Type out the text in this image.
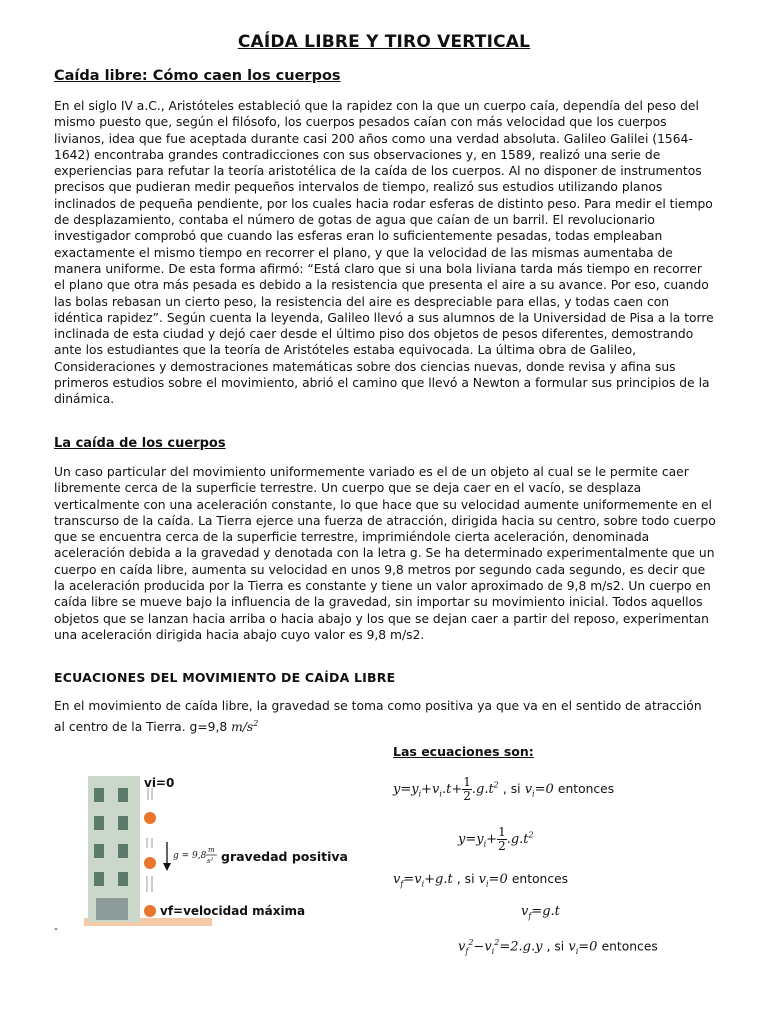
CAÍDA LIBRE Y TIRO VERTICAL
Caída libre: Cómo caen los cuerpos

En el siglo IV a.C., Aristóteles estableció que la rapidez con la que un cuerpo caía, dependía del peso del mismo puesto que, según el filósofo, los cuerpos pesados caían con más velocidad que los cuerpos livianos, idea que fue aceptada durante casi 200 años como una verdad absoluta. Galileo Galilei (1564-1642) encontraba grandes contradicciones con sus observaciones y, en 1589, realizó una serie de experiencias para refutar la teoría aristotélica de la caída de los cuerpos. Al no disponer de instrumentos precisos que pudieran medir pequeños intervalos de tiempo, realizó sus estudios utilizando planos inclinados de pequeña pendiente, por los cuales hacia rodar esferas de distinto peso. Para medir el tiempo de desplazamiento, contaba el número de gotas de agua que caían de un barril. El revolucionario investigador comprobó que cuando las esferas eran lo suficientemente pesadas, todas empleaban exactamente el mismo tiempo en recorrer el plano, y que la velocidad de las mismas aumentaba de manera uniforme. De esta forma afirmó: “Está claro que si una bola liviana tarda más tiempo en recorrer el plano que otra más pesada es debido a la resistencia que presenta el aire a su avance. Por eso, cuando las bolas rebasan un cierto peso, la resistencia del aire es despreciable para ellas, y todas caen con idéntica rapidez”. Según cuenta la leyenda, Galileo llevó a sus alumnos de la Universidad de Pisa a la torre inclinada de esta ciudad y dejó caer desde el último piso dos objetos de pesos diferentes, demostrando ante los estudiantes que la teoría de Aristóteles estaba equivocada. La última obra de Galileo, Consideraciones y demostraciones matemáticas sobre dos ciencias nuevas, donde revisa y afina sus primeros estudios sobre el movimiento, abrió el camino que llevó a Newton a formular sus principios de la dinámica.

La caída de los cuerpos

Un caso particular del movimiento uniformemente variado es el de un objeto al cual se le permite caer libremente cerca de la superficie terrestre. Un cuerpo que se deja caer en el vacío, se desplaza verticalmente con una aceleración constante, lo que hace que su velocidad aumente uniformemente en el transcurso de la caída. La Tierra ejerce una fuerza de atracción, dirigida hacia su centro, sobre todo cuerpo que se encuentra cerca de la superficie terrestre, imprimiéndole cierta aceleración, denominada aceleración debida a la gravedad y denotada con la letra g. Se ha determinado experimentalmente que un cuerpo en caída libre, aumenta su velocidad en unos 9,8 metros por segundo cada segundo, es decir que la aceleración producida por la Tierra es constante y tiene un valor aproximado de 9,8 m/s2. Un cuerpo en caída libre se mueve bajo la influencia de la gravedad, sin importar su movimiento inicial. Todos aquellos objetos que se lanzan hacia arriba o hacia abajo y los que se dejan caer a partir del reposo, experimentan una aceleración dirigida hacia abajo cuyo valor es 9,8 m/s2.

ECUACIONES DEL MOVIMIENTO DE CAÍDA LIBRE

En el movimiento de caída libre, la gravedad se toma como positiva ya que va en el sentido de atracción al centro de la Tierra. g=9,8 $m/s^2$

Las ecuaciones son:
$y=y_i+v_i.t+ \frac{1}{2} .g.t^2$ , si $v_i=0$ entonces
$y=y_i+ \frac{1}{2} .g.t^2$
$v_f=v_i+g.t$ , si $v_i=0$ entonces
$v_f=g.t$
$v_f^2-v_i^2=2.g.y$ , si $v_i=0$ entonces
vi=0
vf=velocidad máxima
gravedad positiva
g = 9,8
m
s²
-
